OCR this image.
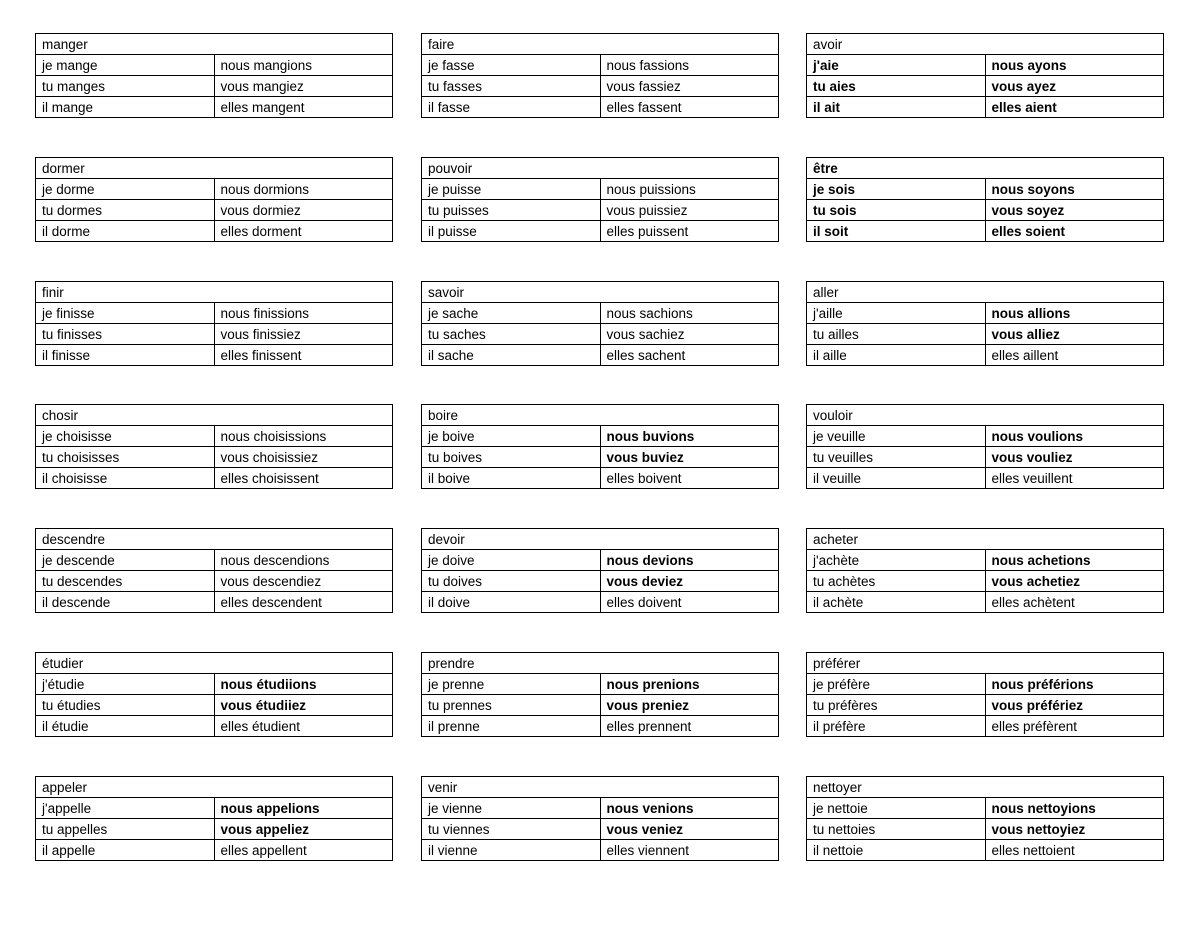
manger	
je mange	nous mangions
tu manges	vous mangiez
il mange	elles mangent
faire	
je fasse	nous fassions
tu fasses	vous fassiez
il fasse	elles fassent
avoir	
j'aie	nous ayons
tu aies	vous ayez
il ait	elles aient
dormer	
je dorme	nous dormions
tu dormes	vous dormiez
il dorme	elles dorment
pouvoir	
je puisse	nous puissions
tu puisses	vous puissiez
il puisse	elles puissent
être	
je sois	nous soyons
tu sois	vous soyez
il soit	elles soient
finir	
je finisse	nous finissions
tu finisses	vous finissiez
il finisse	elles finissent
savoir	
je sache	nous sachions
tu saches	vous sachiez
il sache	elles sachent
aller	
j'aille	nous allions
tu ailles	vous alliez
il aille	elles aillent
chosir	
je choisisse	nous choisissions
tu choisisses	vous choisissiez
il choisisse	elles choisissent
boire	
je boive	nous buvions
tu boives	vous buviez
il boive	elles boivent
vouloir	
je veuille	nous voulions
tu veuilles	vous vouliez
il veuille	elles veuillent
descendre	
je descende	nous descendions
tu descendes	vous descendiez
il descende	elles descendent
devoir	
je doive	nous devions
tu doives	vous deviez
il doive	elles doivent
acheter	
j'achète	nous achetions
tu achètes	vous achetiez
il achète	elles achètent
étudier	
j'étudie	nous étudiions
tu étudies	vous étudiiez
il étudie	elles étudient
prendre	
je prenne	nous prenions
tu prennes	vous preniez
il prenne	elles prennent
préférer	
je préfère	nous préférions
tu préfères	vous préfériez
il préfère	elles préfèrent
appeler	
j'appelle	nous appelions
tu appelles	vous appeliez
il appelle	elles appellent
venir	
je vienne	nous venions
tu viennes	vous veniez
il vienne	elles viennent
nettoyer	
je nettoie	nous nettoyions
tu nettoies	vous nettoyiez
il nettoie	elles nettoient
